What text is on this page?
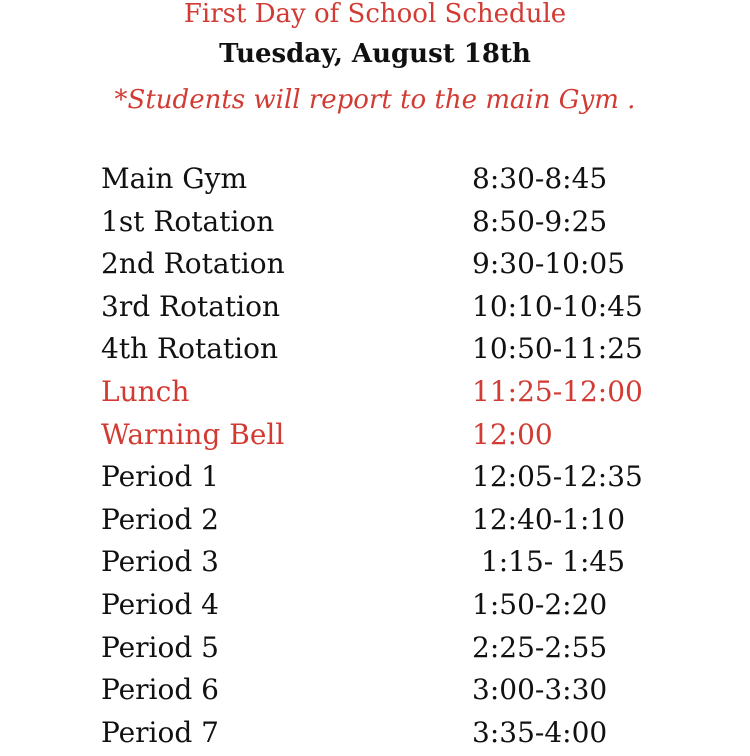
First Day of School Schedule
Tuesday, August 18th
*Students will report to the main Gym .
Main Gym	8:30-8:45
1st Rotation	8:50-9:25
2nd Rotation	9:30-10:05
3rd Rotation	10:10-10:45
4th Rotation	10:50-11:25
Lunch	11:25-12:00
Warning Bell	12:00
Period 1	12:05-12:35
Period 2	12:40-1:10
Period 3	1:15- 1:45
Period 4	1:50-2:20
Period 5	2:25-2:55
Period 6	3:00-3:30
Period 7	3:35-4:00
